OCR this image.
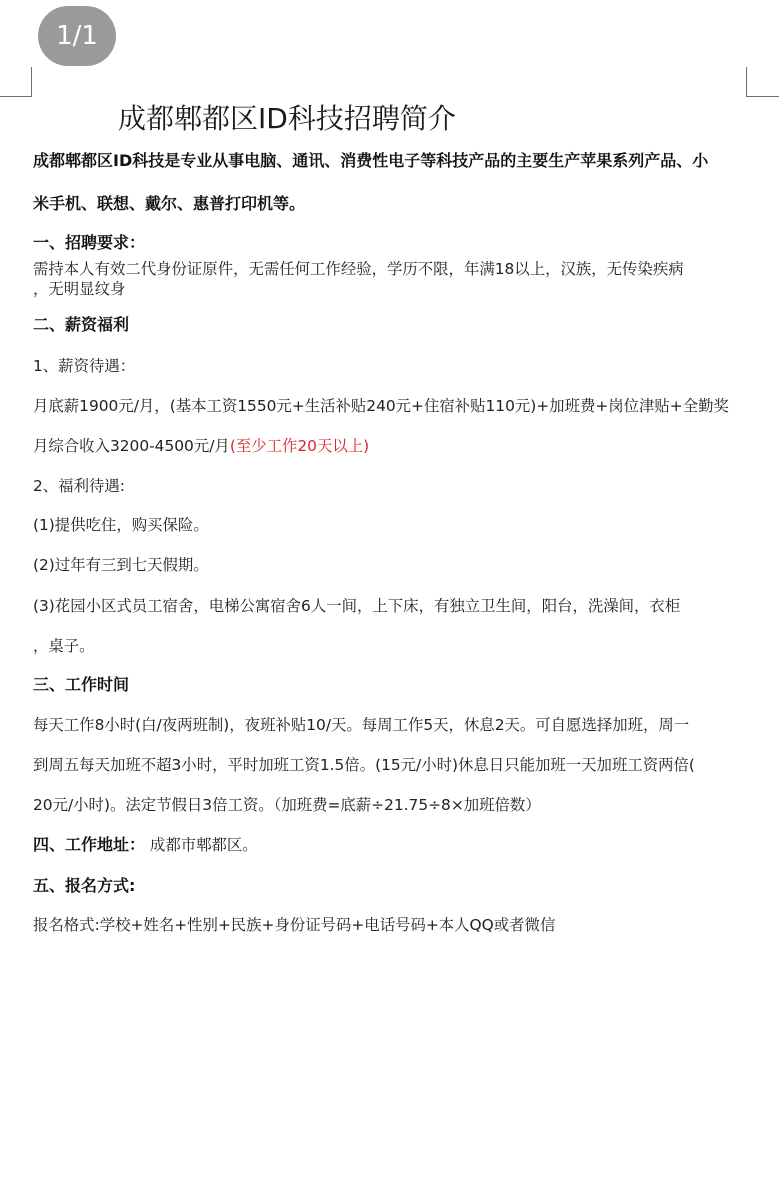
1/1
成都郫都区ID科技招聘简介
成都郫都区ID科技是专业从事电脑、通讯、消费性电子等科技产品的主要生产苹果系列产品、小
米手机、联想、戴尔、惠普打印机等。
一、招聘要求：
需持本人有效二代身份证原件，无需任何工作经验，学历不限，年满18以上，汉族，无传染疾病
，无明显纹身
二、薪资福利
1、薪资待遇：
月底薪1900元/月，(基本工资1550元+生活补贴240元+住宿补贴110元)+加班费+岗位津贴+全勤奖
月综合收入3200-4500元/月(至少工作20天以上)
2、福利待遇:
(1)提供吃住，购买保险。
(2)过年有三到七天假期。
(3)花园小区式员工宿舍，电梯公寓宿舍6人一间，上下床，有独立卫生间，阳台，洗澡间，衣柜
，桌子。
三、工作时间
每天工作8小时(白/夜两班制)，夜班补贴10/天。每周工作5天，休息2天。可自愿选择加班，周一
到周五每天加班不超3小时，平时加班工资1.5倍。(15元/小时)休息日只能加班一天加班工资两倍(
20元/小时)。法定节假日3倍工资。（加班费=底薪÷21.75÷8×加班倍数）
四、工作地址： 成都市郫都区。
五、报名方式:
报名格式:学校+姓名+性别+民族+身份证号码+电话号码+本人QQ或者微信
